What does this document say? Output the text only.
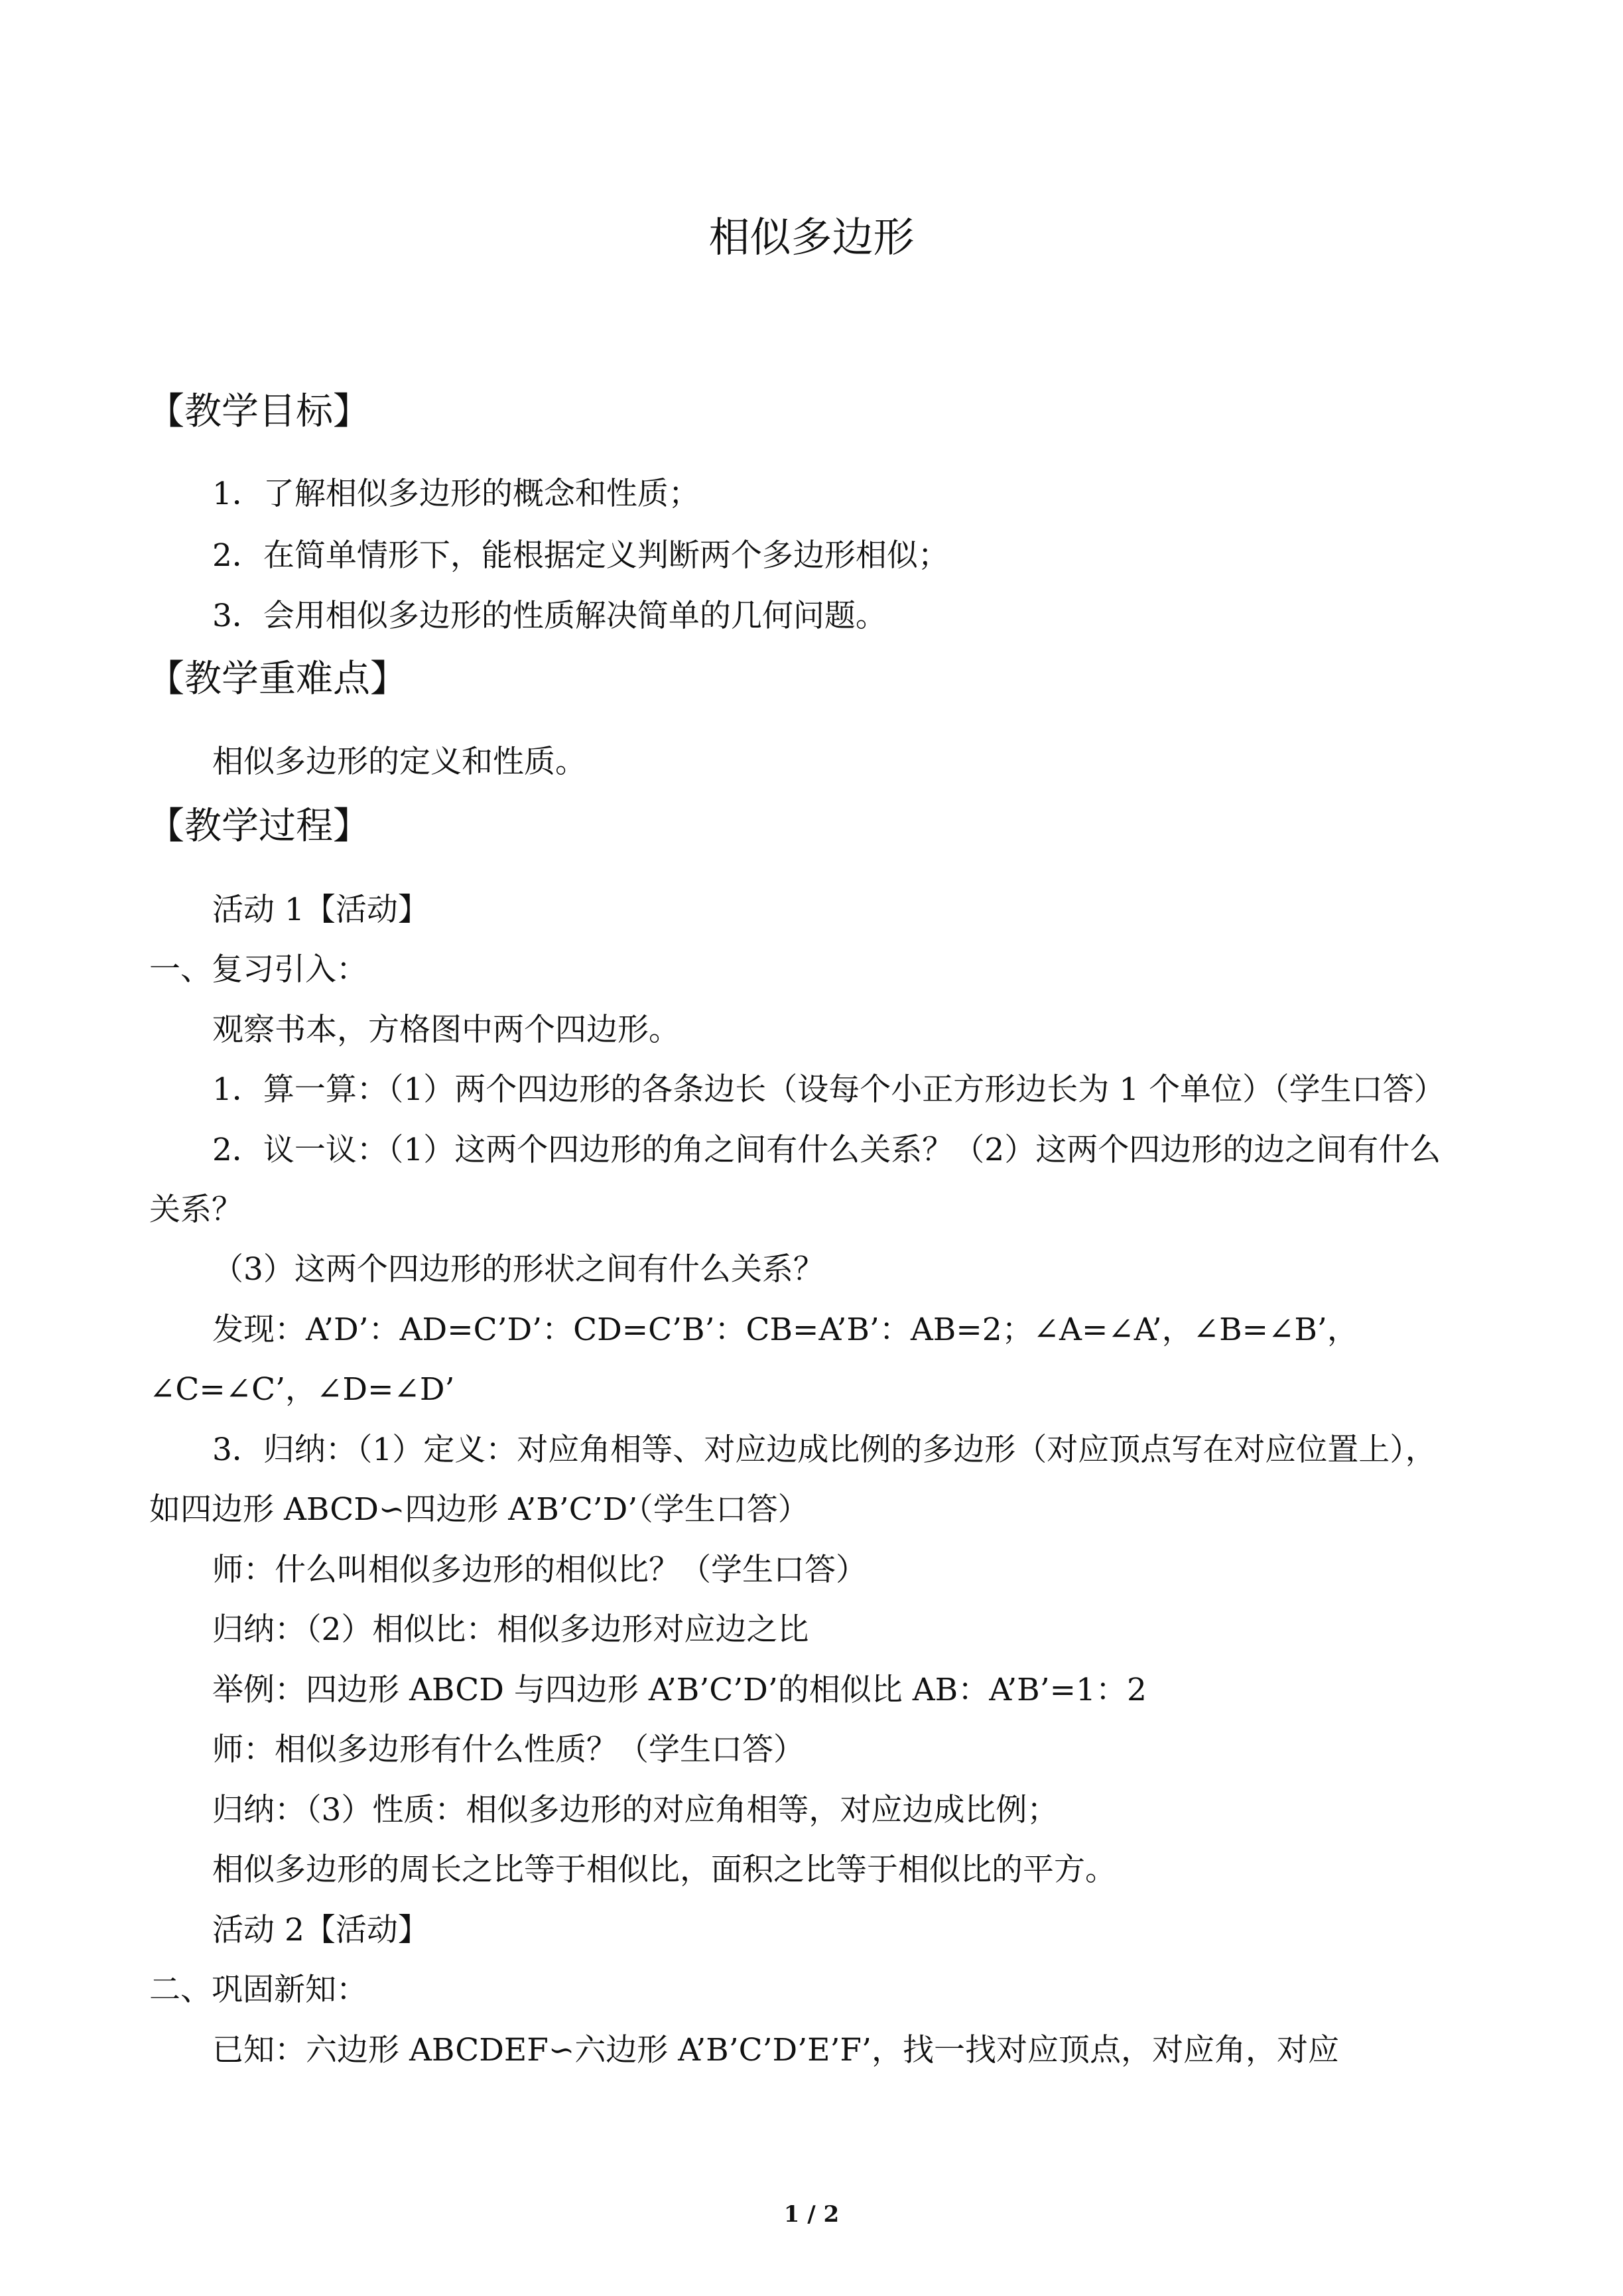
相似多边形
【教学目标】
1．了解相似多边形的概念和性质；
2．在简单情形下，能根据定义判断两个多边形相似；
3．会用相似多边形的性质解决简单的几何问题。
【教学重难点】
相似多边形的定义和性质。
【教学过程】
活动 1【活动】
一、复习引入：
观察书本，方格图中两个四边形。
1．算一算：（1）两个四边形的各条边长（设每个小正方形边长为 1 个单位）（学生口答）
2．议一议：（1）这两个四边形的角之间有什么关系？（2）这两个四边形的边之间有什么
关系？
（3）这两个四边形的形状之间有什么关系？
发现：A’D’：AD=C’D’：CD=C’B’：CB=A’B’：AB=2；∠A=∠A’，∠B=∠B’，
∠C=∠C’，∠D=∠D’
3．归纳：（1）定义：对应角相等、对应边成比例的多边形（对应顶点写在对应位置上），
如四边形 ABCD∽四边形 A’B’C’D’（学生口答）
师：什么叫相似多边形的相似比？（学生口答）
归纳：（2）相似比：相似多边形对应边之比
举例：四边形 ABCD 与四边形 A’B’C’D’的相似比 AB：A’B’=1：2
师：相似多边形有什么性质？（学生口答）
归纳：（3）性质：相似多边形的对应角相等，对应边成比例；
相似多边形的周长之比等于相似比，面积之比等于相似比的平方。
活动 2【活动】
二、巩固新知：
已知：六边形 ABCDEF∽六边形 A’B’C’D’E’F’，找一找对应顶点，对应角，对应
1 / 2
